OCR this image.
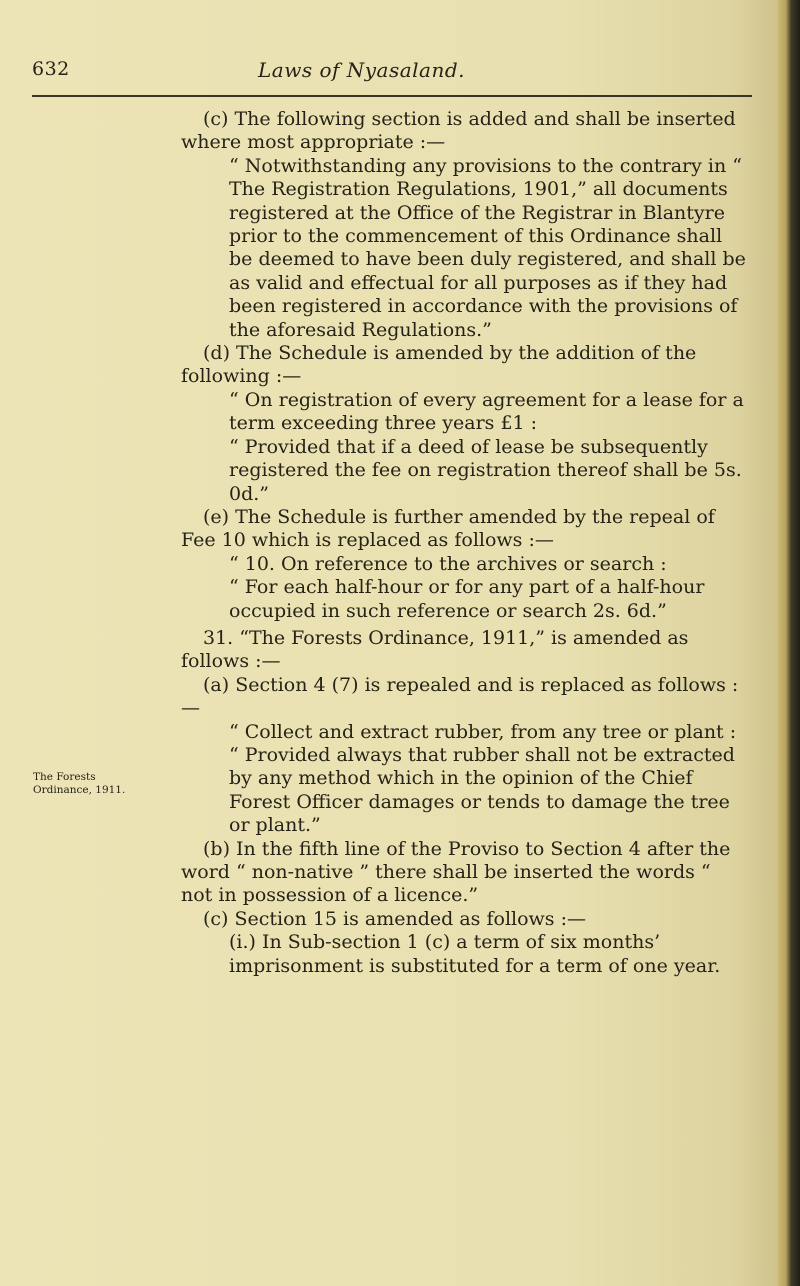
632	Laws of Nyasaland.
The Forests
Ordinance, 1911.

(c) The following section is added and shall be inserted where most appropriate :—

“ Notwithstanding any provisions to the contrary in “ The Registration Regulations, 1901,” all documents registered at the Office of the Registrar in Blantyre prior to the commencement of this Ordinance shall be deemed to have been duly registered, and shall be as valid and effectual for all purposes as if they had been registered in accordance with the provisions of the aforesaid Regulations.”

(d) The Schedule is amended by the addition of the following :—

“ On registration of every agreement for a lease for a term exceeding three years £1 :

“ Provided that if a deed of lease be subsequently registered the fee on registration thereof shall be 5s. 0d.”

(e) The Schedule is further amended by the repeal of Fee 10 which is replaced as follows :—

“ 10. On reference to the archives or search :

“ For each half-hour or for any part of a half-hour occupied in such reference or search 2s. 6d.”

31. “The Forests Ordinance, 1911,” is amended as follows :—

(a) Section 4 (7) is repealed and is replaced as follows :—

“ Collect and extract rubber, from any tree or plant :

“ Provided always that rubber shall not be extracted by any method which in the opinion of the Chief Forest Officer damages or tends to damage the tree or plant.”

(b) In the fifth line of the Proviso to Section 4 after the word “ non-native ” there shall be inserted the words “ not in possession of a licence.”

(c) Section 15 is amended as follows :—

(i.) In Sub-section 1 (c) a term of six months’ imprisonment is substituted for a term of one year.
